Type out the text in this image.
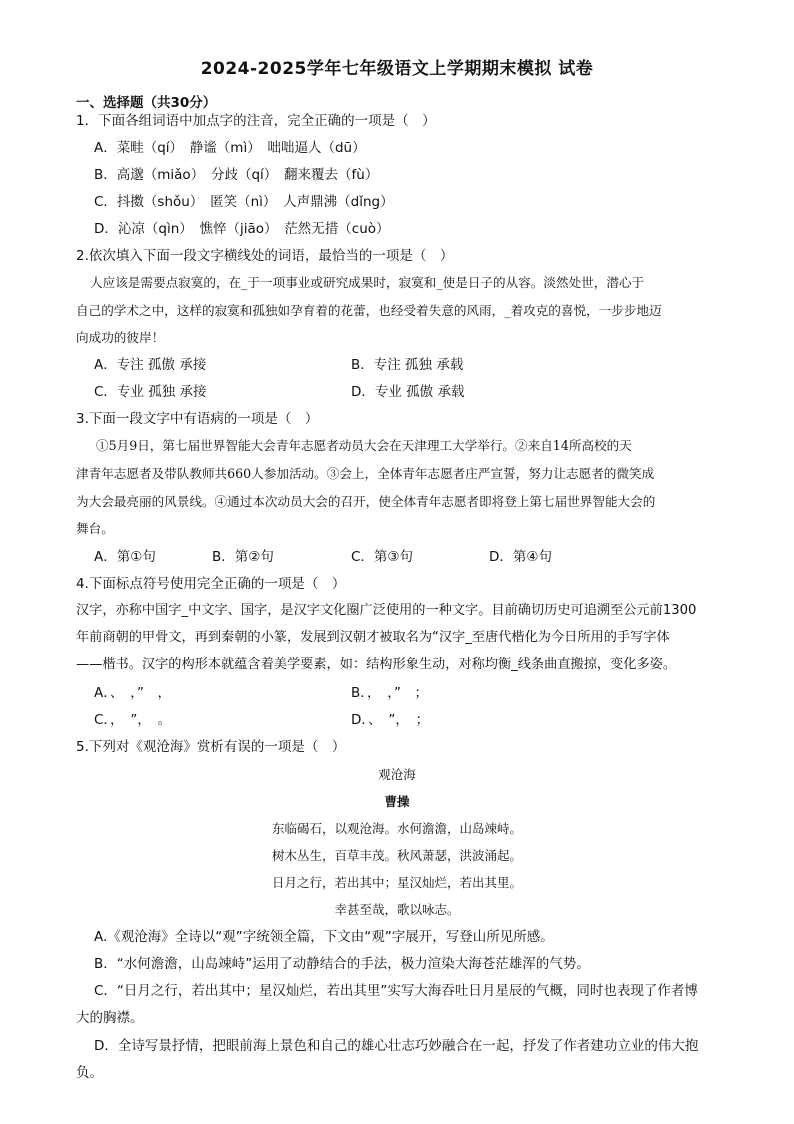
2024-2025学年七年级语文上学期期末模拟 试卷
一、选择题（共30分）
1．下面各组词语中加点字的注音，完全正确的一项是（　）
A．菜畦（qí）　静谧（mì）　咄咄逼人（dū）
B．高邈（miǎo）　分歧（qí）　翻来覆去（fù）
C．抖擞（shǒu）　匿笑（nì）　人声鼎沸（dǐng）
D．沁凉（qìn）　憔悴（jiāo）　茫然无措（cuò）
2.依次填入下面一段文字横线处的词语，最恰当的一项是（　）
人应该是需要点寂寞的，在_于一项事业或研究成果时，寂寞和_使是日子的从容。淡然处世，潜心于
自己的学术之中，这样的寂寞和孤独如孕育着的花蕾，也经受着失意的风雨，_着攻克的喜悦，一步步地迈
向成功的彼岸！
A．专注 孤傲 承接	B．专注 孤独 承载
C．专业 孤独 承接	D．专业 孤傲 承载
3.下面一段文字中有语病的一项是（　）
①5月9日，第七届世界智能大会青年志愿者动员大会在天津理工大学举行。②来自14所高校的天
津青年志愿者及带队教师共660人参加活动。③会上，全体青年志愿者庄严宣誓，努力让志愿者的微笑成
为大会最亮丽的风景线。④通过本次动员大会的召开，使全体青年志愿者即将登上第七届世界智能大会的
舞台。
A．第①句	B．第②句	C．第③句	D．第④句
4.下面标点符号使用完全正确的一项是（　）
汉字，亦称中国字_中文字、国字，是汉字文化圈广泛使用的一种文字。目前确切历史可追溯至公元前1300
年前商朝的甲骨文，再到秦朝的小篆，发展到汉朝才被取名为“汉字_至唐代楷化为今日所用的手写字体
——楷书。汉字的构形本就蕴含着美学要素，如：结构形象生动，对称均衡_线条曲直搬掠，变化多姿。
A．、　，”　，	B．，　，”　；
C．，　”，　。	D．、　”，　；
5.下列对《观沧海》赏析有误的一项是（　）
观沧海
曹操
东临碣石，以观沧海。水何澹澹，山岛竦峙。
树木丛生，百草丰茂。秋风萧瑟，洪波涌起。
日月之行，若出其中；星汉灿烂，若出其里。
幸甚至哉，歌以咏志。
A.《观沧海》全诗以“观”字统领全篇，下文由“观”字展开，写登山所见所感。
B．“水何澹澹，山岛竦峙”运用了动静结合的手法，极力渲染大海苍茫雄浑的气势。
C．“日月之行，若出其中；星汉灿烂，若出其里”实写大海吞吐日月星辰的气概，同时也表现了作者博
大的胸襟。
D．全诗写景抒情，把眼前海上景色和自己的雄心壮志巧妙融合在一起，抒发了作者建功立业的伟大抱
负。
